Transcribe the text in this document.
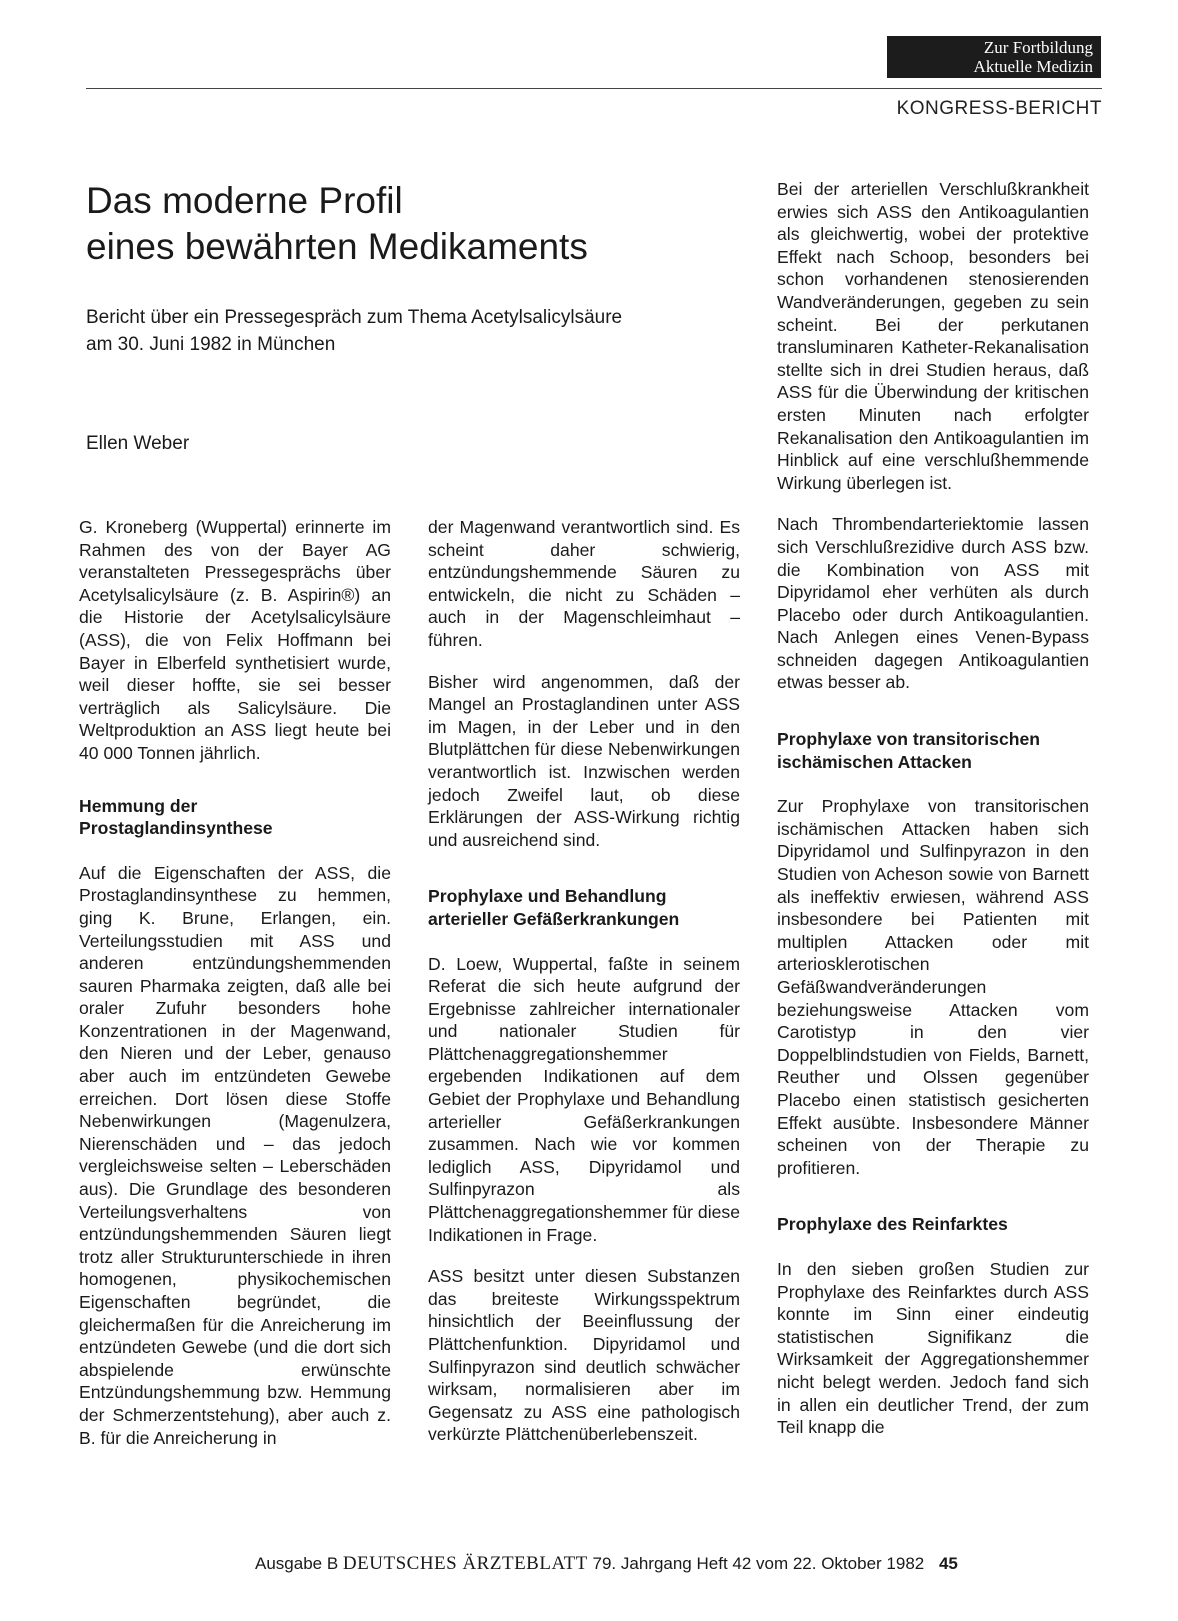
Zur Fortbildung
Aktuelle Medizin
KONGRESS-BERICHT
Das moderne Profil
eines bewährten Medikaments

Bericht über ein Pressegespräch zum Thema Acetylsalicylsäure
am 30. Juni 1982 in München

Ellen Weber

G. Kroneberg (Wuppertal) erinnerte im Rahmen des von der Bayer AG veranstalteten Pressegesprächs über Acetylsalicylsäure (z. B. Aspirin®) an die Historie der Acetylsalicylsäure (ASS), die von Felix Hoffmann bei Bayer in Elberfeld synthetisiert wurde, weil dieser hoffte, sie sei besser verträglich als Salicylsäure. Die Weltproduktion an ASS liegt heute bei 40 000 Tonnen jährlich.

Hemmung der Prostaglandinsynthese

Auf die Eigenschaften der ASS, die Prostaglandinsynthese zu hemmen, ging K. Brune, Erlangen, ein. Verteilungsstudien mit ASS und anderen entzündungshemmenden sauren Pharmaka zeigten, daß alle bei oraler Zufuhr besonders hohe Konzentrationen in der Magenwand, den Nieren und der Leber, genauso aber auch im entzündeten Gewebe erreichen. Dort lösen diese Stoffe Nebenwirkungen (Magenulzera, Nierenschäden und – das jedoch vergleichsweise selten – Leberschäden aus). Die Grundlage des besonderen Verteilungsverhaltens von entzündungshemmenden Säuren liegt trotz aller Strukturunterschiede in ihren homogenen, physikochemischen Eigenschaften begründet, die gleichermaßen für die Anreicherung im entzündeten Gewebe (und die dort sich abspielende erwünschte Entzündungshemmung bzw. Hemmung der Schmerzentstehung), aber auch z. B. für die Anreicherung in

der Magenwand verantwortlich sind. Es scheint daher schwierig, entzündungshemmende Säuren zu entwickeln, die nicht zu Schäden – auch in der Magenschleimhaut – führen.

Bisher wird angenommen, daß der Mangel an Prostaglandinen unter ASS im Magen, in der Leber und in den Blutplättchen für diese Nebenwirkungen verantwortlich ist. Inzwischen werden jedoch Zweifel laut, ob diese Erklärungen der ASS-Wirkung richtig und ausreichend sind.

Prophylaxe und Behandlung arterieller Gefäßerkrankungen

D. Loew, Wuppertal, faßte in seinem Referat die sich heute aufgrund der Ergebnisse zahlreicher internationaler und nationaler Studien für Plättchenaggregationshemmer ergebenden Indikationen auf dem Gebiet der Prophylaxe und Behandlung arterieller Gefäßerkrankungen zusammen. Nach wie vor kommen lediglich ASS, Dipyridamol und Sulfinpyrazon als Plättchenaggregationshemmer für diese Indikationen in Frage.

ASS besitzt unter diesen Substanzen das breiteste Wirkungsspektrum hinsichtlich der Beeinflussung der Plättchenfunktion. Dipyridamol und Sulfinpyrazon sind deutlich schwächer wirksam, normalisieren aber im Gegensatz zu ASS eine pathologisch verkürzte Plättchenüberlebenszeit.

Bei der arteriellen Verschlußkrankheit erwies sich ASS den Antikoagulantien als gleichwertig, wobei der protektive Effekt nach Schoop, besonders bei schon vorhandenen stenosierenden Wandveränderungen, gegeben zu sein scheint. Bei der perkutanen transluminaren Katheter-Rekanalisation stellte sich in drei Studien heraus, daß ASS für die Überwindung der kritischen ersten Minuten nach erfolgter Rekanalisation den Antikoagulantien im Hinblick auf eine verschlußhemmende Wirkung überlegen ist.

Nach Thrombendarteriektomie lassen sich Verschlußrezidive durch ASS bzw. die Kombination von ASS mit Dipyridamol eher verhüten als durch Placebo oder durch Antikoagulantien. Nach Anlegen eines Venen-Bypass schneiden dagegen Antikoagulantien etwas besser ab.

Prophylaxe von transitorischen ischämischen Attacken

Zur Prophylaxe von transitorischen ischämischen Attacken haben sich Dipyridamol und Sulfinpyrazon in den Studien von Acheson sowie von Barnett als ineffektiv erwiesen, während ASS insbesondere bei Patienten mit multiplen Attacken oder mit arteriosklerotischen Gefäßwandveränderungen beziehungsweise Attacken vom Carotistyp in den vier Doppelblindstudien von Fields, Barnett, Reuther und Olssen gegenüber Placebo einen statistisch gesicherten Effekt ausübte. Insbesondere Männer scheinen von der Therapie zu profitieren.

Prophylaxe des Reinfarktes

In den sieben großen Studien zur Prophylaxe des Reinfarktes durch ASS konnte im Sinn einer eindeutig statistischen Signifikanz die Wirksamkeit der Aggregationshemmer nicht belegt werden. Jedoch fand sich in allen ein deutlicher Trend, der zum Teil knapp die

Ausgabe B DEUTSCHES ÄRZTEBLATT 79. Jahrgang Heft 42 vom 22. Oktober 1982 45
